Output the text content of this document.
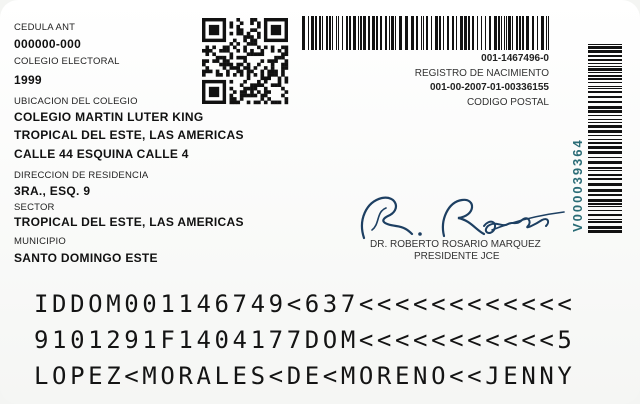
CEDULA ANT
000000-000
COLEGIO ELECTORAL
1999
UBICACION DEL COLEGIO
COLEGIO MARTIN LUTER KING
TROPICAL DEL ESTE, LAS AMERICAS
CALLE 44 ESQUINA CALLE 4
DIRECCION DE RESIDENCIA
3RA., ESQ. 9
SECTOR
TROPICAL DEL ESTE, LAS AMERICAS
MUNICIPIO
SANTO DOMINGO ESTE
001-1467496-0
REGISTRO DE NACIMIENTO
001-00-2007-01-00336155
CODIGO POSTAL
V000039364
DR. ROBERTO ROSARIO MARQUEZ
PRESIDENTE JCE
IDDOM001146749<637<<<<<<<<<<<<
9101291F1404177DOM<<<<<<<<<<<5
LOPEZ<MORALES<DE<MORENO<<JENNY
